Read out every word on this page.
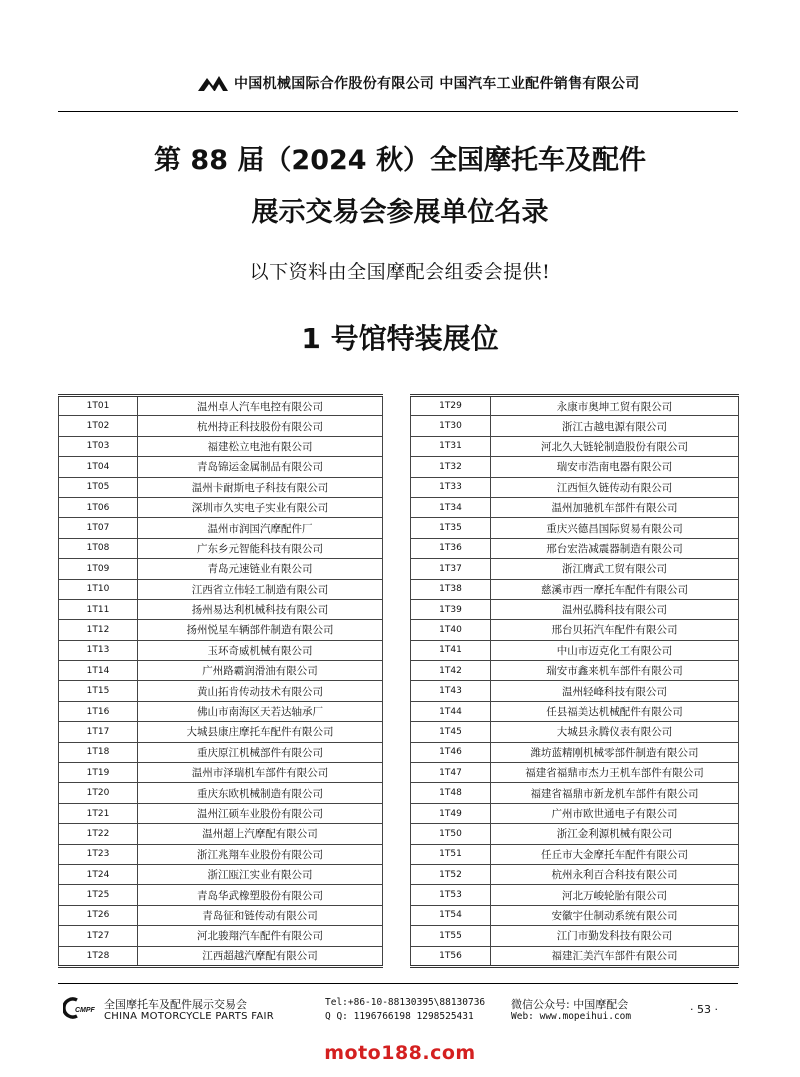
中国机械国际合作股份有限公司 中国汽车工业配件销售有限公司
第 88 届（2024 秋）全国摩托车及配件
展示交易会参展单位名录
以下资料由全国摩配会组委会提供!
1 号馆特装展位
1T01	温州卓人汽车电控有限公司
1T02	杭州持正科技股份有限公司
1T03	福建松立电池有限公司
1T04	青岛锦运金属制品有限公司
1T05	温州卡耐斯电子科技有限公司
1T06	深圳市久实电子实业有限公司
1T07	温州市润国汽摩配件厂
1T08	广东乡元智能科技有限公司
1T09	青岛元速链业有限公司
1T10	江西省立伟轻工制造有限公司
1T11	扬州易达利机械科技有限公司
1T12	扬州悦星车辆部件制造有限公司
1T13	玉环奇威机械有限公司
1T14	广州路霸润滑油有限公司
1T15	黄山拓肯传动技术有限公司
1T16	佛山市南海区天若达轴承厂
1T17	大城县康庄摩托车配件有限公司
1T18	重庆原江机械部件有限公司
1T19	温州市泽瑞机车部件有限公司
1T20	重庆东欧机械制造有限公司
1T21	温州江硕车业股份有限公司
1T22	温州超上汽摩配有限公司
1T23	浙江兆翔车业股份有限公司
1T24	浙江瓯江实业有限公司
1T25	青岛华武橡塑股份有限公司
1T26	青岛征和链传动有限公司
1T27	河北骏翔汽车配件有限公司
1T28	江西超越汽摩配有限公司
1T29	永康市奥坤工贸有限公司
1T30	浙江古越电源有限公司
1T31	河北久大链轮制造股份有限公司
1T32	瑞安市浩南电器有限公司
1T33	江西恒久链传动有限公司
1T34	温州加驰机车部件有限公司
1T35	重庆兴德昌国际贸易有限公司
1T36	邢台宏浩减震器制造有限公司
1T37	浙江膺武工贸有限公司
1T38	慈溪市西一摩托车配件有限公司
1T39	温州弘腾科技有限公司
1T40	邢台贝拓汽车配件有限公司
1T41	中山市迈克化工有限公司
1T42	瑞安市鑫来机车部件有限公司
1T43	温州轻峰科技有限公司
1T44	任县福美达机械配件有限公司
1T45	大城县永腾仪表有限公司
1T46	潍坊蓝精刚机械零部件制造有限公司
1T47	福建省福鼎市杰力王机车部件有限公司
1T48	福建省福鼎市新龙机车部件有限公司
1T49	广州市欧世通电子有限公司
1T50	浙江金利源机械有限公司
1T51	任丘市大金摩托车配件有限公司
1T52	杭州永利百合科技有限公司
1T53	河北万峻轮胎有限公司
1T54	安徽宇仕制动系统有限公司
1T55	江门市勤发科技有限公司
1T56	福建汇美汽车部件有限公司
CMPF 全国摩托车及配件展示交易会
CHINA MOTORCYCLE PARTS FAIR
Tel:+86-10-88130395\88130736
Q Q: 1196766198 1298525431
微信公众号: 中国摩配会
Web: www.mopeihui.com
· 53 ·
moto188.com
